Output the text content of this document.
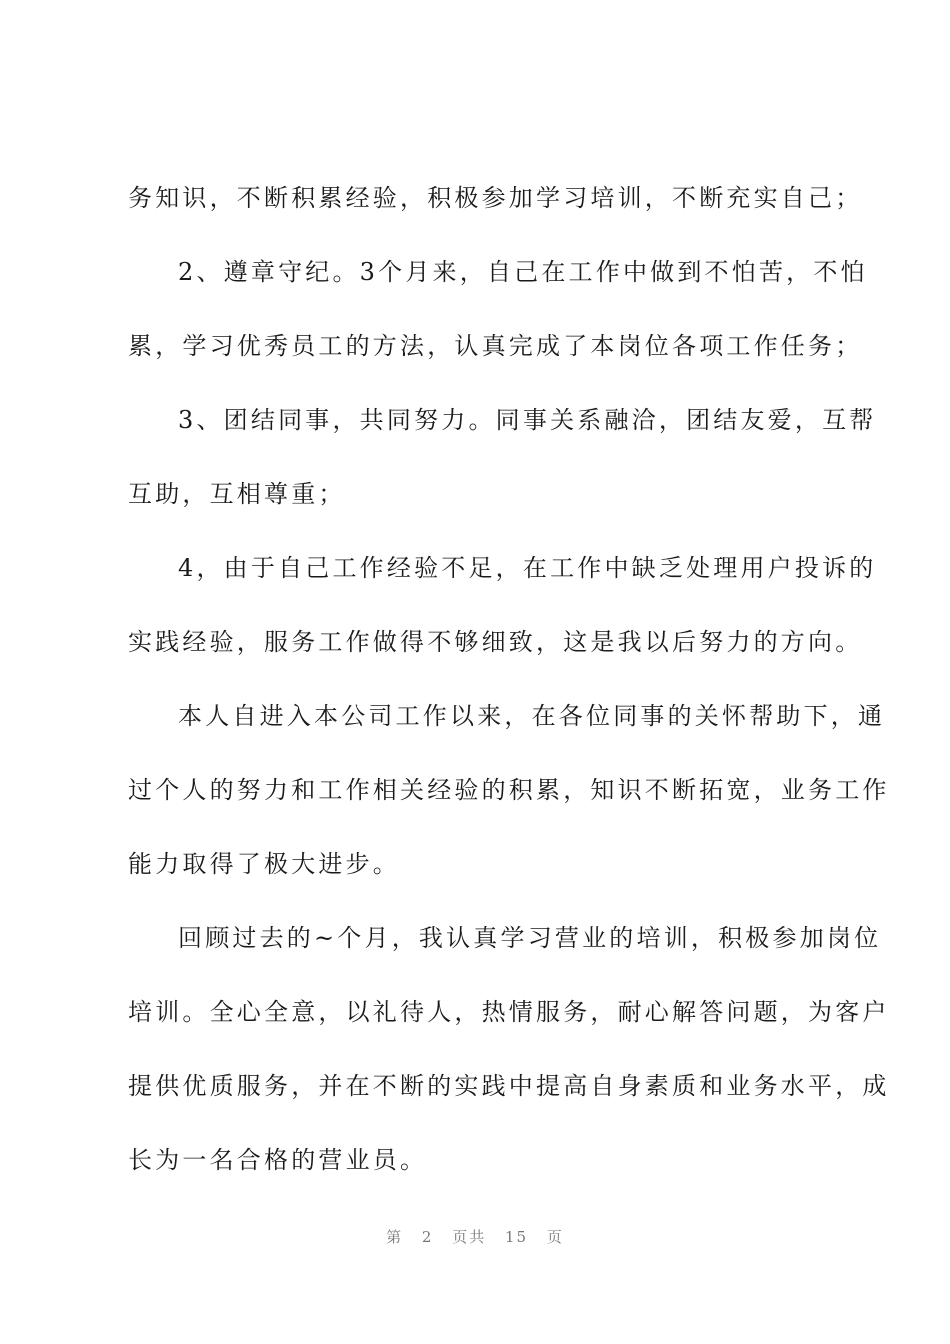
务知识，不断积累经验，积极参加学习培训，不断充实自己；
2、遵章守纪。3个月来，自己在工作中做到不怕苦，不怕
累，学习优秀员工的方法，认真完成了本岗位各项工作任务；
3、团结同事，共同努力。同事关系融洽，团结友爱，互帮
互助，互相尊重；
4，由于自己工作经验不足，在工作中缺乏处理用户投诉的
实践经验，服务工作做得不够细致，这是我以后努力的方向。
本人自进入本公司工作以来，在各位同事的关怀帮助下，通
过个人的努力和工作相关经验的积累，知识不断拓宽，业务工作
能力取得了极大进步。
回顾过去的~个月，我认真学习营业的培训，积极参加岗位
培训。全心全意，以礼待人，热情服务，耐心解答问题，为客户
提供优质服务，并在不断的实践中提高自身素质和业务水平，成
长为一名合格的营业员。
第 2 页共 15 页
